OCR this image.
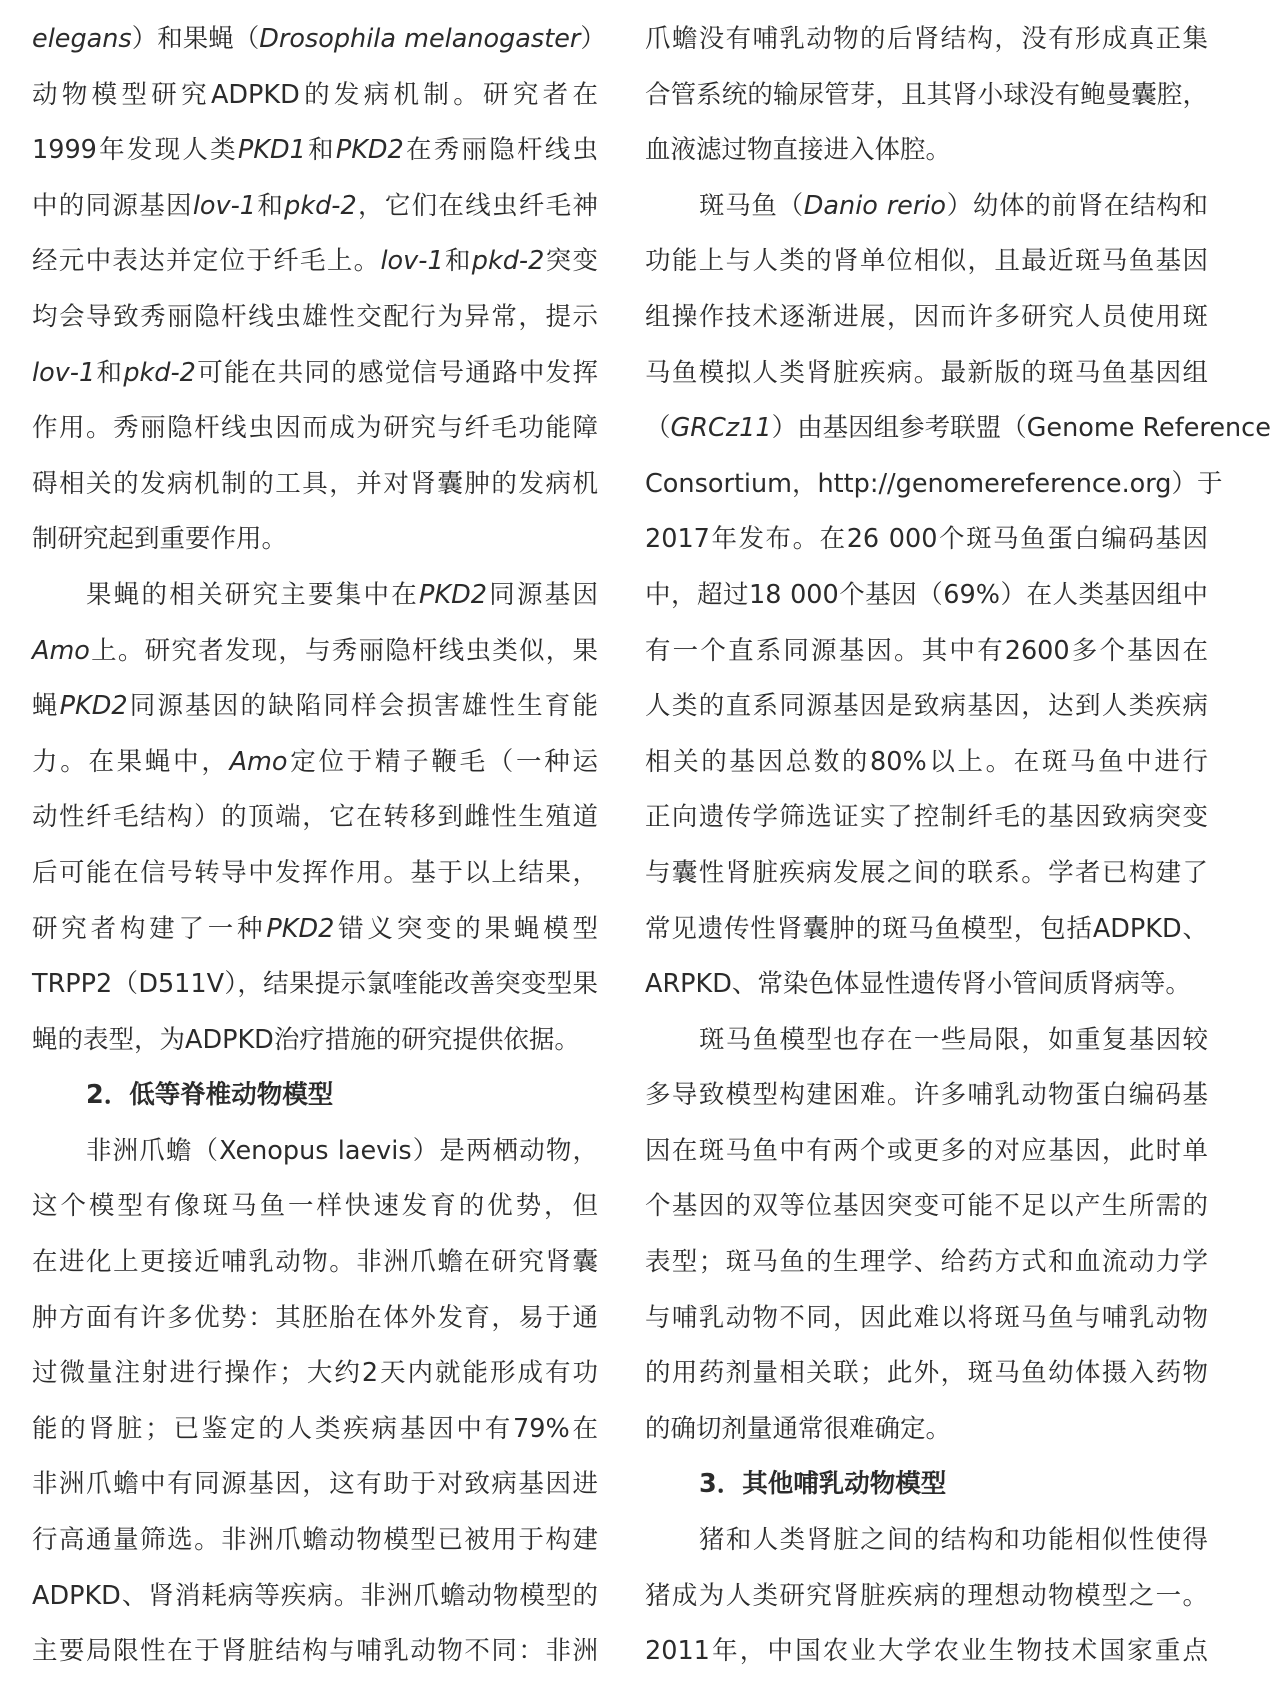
elegans）和果蝇（Drosophila melanogaster）
动物模型研究ADPKD的发病机制。研究者在
1999年发现人类PKD1和PKD2在秀丽隐杆线虫
中的同源基因lov-1和pkd-2，它们在线虫纤毛神
经元中表达并定位于纤毛上。lov-1和pkd-2突变
均会导致秀丽隐杆线虫雄性交配行为异常，提示
lov-1和pkd-2可能在共同的感觉信号通路中发挥
作用。秀丽隐杆线虫因而成为研究与纤毛功能障
碍相关的发病机制的工具，并对肾囊肿的发病机
制研究起到重要作用。
果蝇的相关研究主要集中在PKD2同源基因
Amo上。研究者发现，与秀丽隐杆线虫类似，果
蝇PKD2同源基因的缺陷同样会损害雄性生育能
力。在果蝇中，Amo定位于精子鞭毛（一种运
动性纤毛结构）的顶端，它在转移到雌性生殖道
后可能在信号转导中发挥作用。基于以上结果，
研究者构建了一种PKD2错义突变的果蝇模型
TRPP2（D511V），结果提示氯喹能改善突变型果
蝇的表型，为ADPKD治疗措施的研究提供依据。
2．低等脊椎动物模型
非洲爪蟾（Xenopus laevis）是两栖动物，
这个模型有像斑马鱼一样快速发育的优势，但
在进化上更接近哺乳动物。非洲爪蟾在研究肾囊
肿方面有许多优势：其胚胎在体外发育，易于通
过微量注射进行操作；大约2天内就能形成有功
能的肾脏；已鉴定的人类疾病基因中有79%在
非洲爪蟾中有同源基因，这有助于对致病基因进
行高通量筛选。非洲爪蟾动物模型已被用于构建
ADPKD、肾消耗病等疾病。非洲爪蟾动物模型的
主要局限性在于肾脏结构与哺乳动物不同：非洲
爪蟾没有哺乳动物的后肾结构，没有形成真正集
合管系统的输尿管芽，且其肾小球没有鲍曼囊腔，
血液滤过物直接进入体腔。
斑马鱼（Danio rerio）幼体的前肾在结构和
功能上与人类的肾单位相似，且最近斑马鱼基因
组操作技术逐渐进展，因而许多研究人员使用斑
马鱼模拟人类肾脏疾病。最新版的斑马鱼基因组
（GRCz11）由基因组参考联盟（Genome Reference
Consortium，http://genomereference.org）于
2017年发布。在26 000个斑马鱼蛋白编码基因
中，超过18 000个基因（69%）在人类基因组中
有一个直系同源基因。其中有2600多个基因在
人类的直系同源基因是致病基因，达到人类疾病
相关的基因总数的80%以上。在斑马鱼中进行
正向遗传学筛选证实了控制纤毛的基因致病突变
与囊性肾脏疾病发展之间的联系。学者已构建了
常见遗传性肾囊肿的斑马鱼模型，包括ADPKD、
ARPKD、常染色体显性遗传肾小管间质肾病等。
斑马鱼模型也存在一些局限，如重复基因较
多导致模型构建困难。许多哺乳动物蛋白编码基
因在斑马鱼中有两个或更多的对应基因，此时单
个基因的双等位基因突变可能不足以产生所需的
表型；斑马鱼的生理学、给药方式和血流动力学
与哺乳动物不同，因此难以将斑马鱼与哺乳动物
的用药剂量相关联；此外，斑马鱼幼体摄入药物
的确切剂量通常很难确定。
3．其他哺乳动物模型
猪和人类肾脏之间的结构和功能相似性使得
猪成为人类研究肾脏疾病的理想动物模型之一。
2011年，中国农业大学农业生物技术国家重点
